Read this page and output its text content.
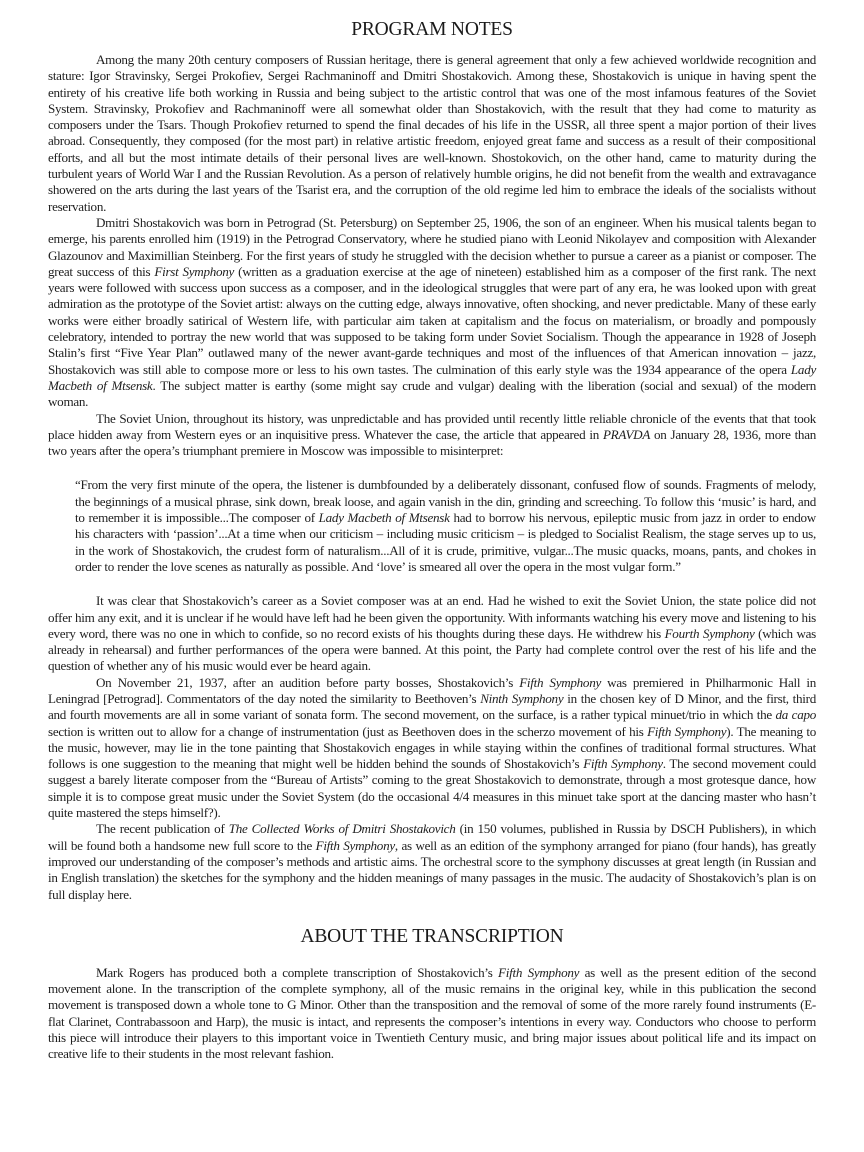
PROGRAM NOTES

Among the many 20th century composers of Russian heritage, there is general agreement that only a few achieved worldwide recognition and stature: Igor Stravinsky, Sergei Prokofiev, Sergei Rachmaninoff and Dmitri Shostakovich. Among these, Shostakovich is unique in having spent the entirety of his creative life both working in Russia and being subject to the artistic control that was one of the most infamous features of the Soviet System. Stravinsky, Prokofiev and Rachmaninoff were all somewhat older than Shostakovich, with the result that they had come to maturity as composers under the Tsars. Though Prokofiev returned to spend the final decades of his life in the USSR, all three spent a major portion of their lives abroad. Consequently, they composed (for the most part) in relative artistic freedom, enjoyed great fame and success as a result of their compositional efforts, and all but the most intimate details of their personal lives are well-known. Shostokovich, on the other hand, came to maturity during the turbulent years of World War I and the Russian Revolution. As a person of relatively humble origins, he did not benefit from the wealth and extravagance showered on the arts during the last years of the Tsarist era, and the corruption of the old regime led him to embrace the ideals of the socialists without reservation.

Dmitri Shostakovich was born in Petrograd (St. Petersburg) on September 25, 1906, the son of an engineer. When his musical talents began to emerge, his parents enrolled him (1919) in the Petrograd Conservatory, where he studied piano with Leonid Nikolayev and composition with Alexander Glazounov and Maximillian Steinberg. For the first years of study he struggled with the decision whether to pursue a career as a pianist or composer. The great success of this First Symphony (written as a graduation exercise at the age of nineteen) established him as a composer of the first rank. The next years were followed with success upon success as a composer, and in the ideological struggles that were part of any era, he was looked upon with great admiration as the prototype of the Soviet artist: always on the cutting edge, always innovative, often shocking, and never predictable. Many of these early works were either broadly satirical of Western life, with particular aim taken at capitalism and the focus on materialism, or broadly and pompously celebratory, intended to portray the new world that was supposed to be taking form under Soviet Socialism. Though the appearance in 1928 of Joseph Stalin’s first “Five Year Plan” outlawed many of the newer avant-garde techniques and most of the influences of that American innovation – jazz, Shostakovich was still able to compose more or less to his own tastes. The culmination of this early style was the 1934 appearance of the opera Lady Macbeth of Mtsensk. The subject matter is earthy (some might say crude and vulgar) dealing with the liberation (social and sexual) of the modern woman.

The Soviet Union, throughout its history, was unpredictable and has provided until recently little reliable chronicle of the events that that took place hidden away from Western eyes or an inquisitive press. Whatever the case, the article that appeared in PRAVDA on January 28, 1936, more than two years after the opera’s triumphant premiere in Moscow was impossible to misinterpret:

“From the very first minute of the opera, the listener is dumbfounded by a deliberately dissonant, confused flow of sounds. Fragments of melody, the beginnings of a musical phrase, sink down, break loose, and again vanish in the din, grinding and screeching. To follow this ‘music’ is hard, and to remember it is impossible...The composer of Lady Macbeth of Mtsensk had to borrow his nervous, epileptic music from jazz in order to endow his characters with ‘passion’...At a time when our criticism – including music criticism – is pledged to Socialist Realism, the stage serves up to us, in the work of Shostakovich, the crudest form of naturalism...All of it is crude, primitive, vulgar...The music quacks, moans, pants, and chokes in order to render the love scenes as naturally as possible. And ‘love’ is smeared all over the opera in the most vulgar form.”

It was clear that Shostakovich’s career as a Soviet composer was at an end. Had he wished to exit the Soviet Union, the state police did not offer him any exit, and it is unclear if he would have left had he been given the opportunity. With informants watching his every move and listening to his every word, there was no one in which to confide, so no record exists of his thoughts during these days. He withdrew his Fourth Symphony (which was already in rehearsal) and further performances of the opera were banned. At this point, the Party had complete control over the rest of his life and the question of whether any of his music would ever be heard again.

On November 21, 1937, after an audition before party bosses, Shostakovich’s Fifth Symphony was premiered in Philharmonic Hall in Leningrad [Petrograd]. Commentators of the day noted the similarity to Beethoven’s Ninth Symphony in the chosen key of D Minor, and the first, third and fourth movements are all in some variant of sonata form. The second movement, on the surface, is a rather typical minuet/trio in which the da capo section is written out to allow for a change of instrumentation (just as Beethoven does in the scherzo movement of his Fifth Symphony). The meaning to the music, however, may lie in the tone painting that Shostakovich engages in while staying within the confines of traditional formal structures. What follows is one suggestion to the meaning that might well be hidden behind the sounds of Shostakovich’s Fifth Symphony. The second movement could suggest a barely literate composer from the “Bureau of Artists” coming to the great Shostakovich to demonstrate, through a most grotesque dance, how simple it is to compose great music under the Soviet System (do the occasional 4/4 measures in this minuet take sport at the dancing master who hasn’t quite mastered the steps himself?).

The recent publication of The Collected Works of Dmitri Shostakovich (in 150 volumes, published in Russia by DSCH Publishers), in which will be found both a handsome new full score to the Fifth Symphony, as well as an edition of the symphony arranged for piano (four hands), has greatly improved our understanding of the composer’s methods and artistic aims. The orchestral score to the symphony discusses at great length (in Russian and in English translation) the sketches for the symphony and the hidden meanings of many passages in the music. The audacity of Shostakovich’s plan is on full display here.

ABOUT THE TRANSCRIPTION

Mark Rogers has produced both a complete transcription of Shostakovich’s Fifth Symphony as well as the present edition of the second movement alone. In the transcription of the complete symphony, all of the music remains in the original key, while in this publication the second movement is transposed down a whole tone to G Minor. Other than the transposition and the removal of some of the more rarely found instruments (E-flat Clarinet, Contrabassoon and Harp), the music is intact, and represents the composer’s intentions in every way. Conductors who choose to perform this piece will introduce their players to this important voice in Twentieth Century music, and bring major issues about political life and its impact on creative life to their students in the most relevant fashion.
